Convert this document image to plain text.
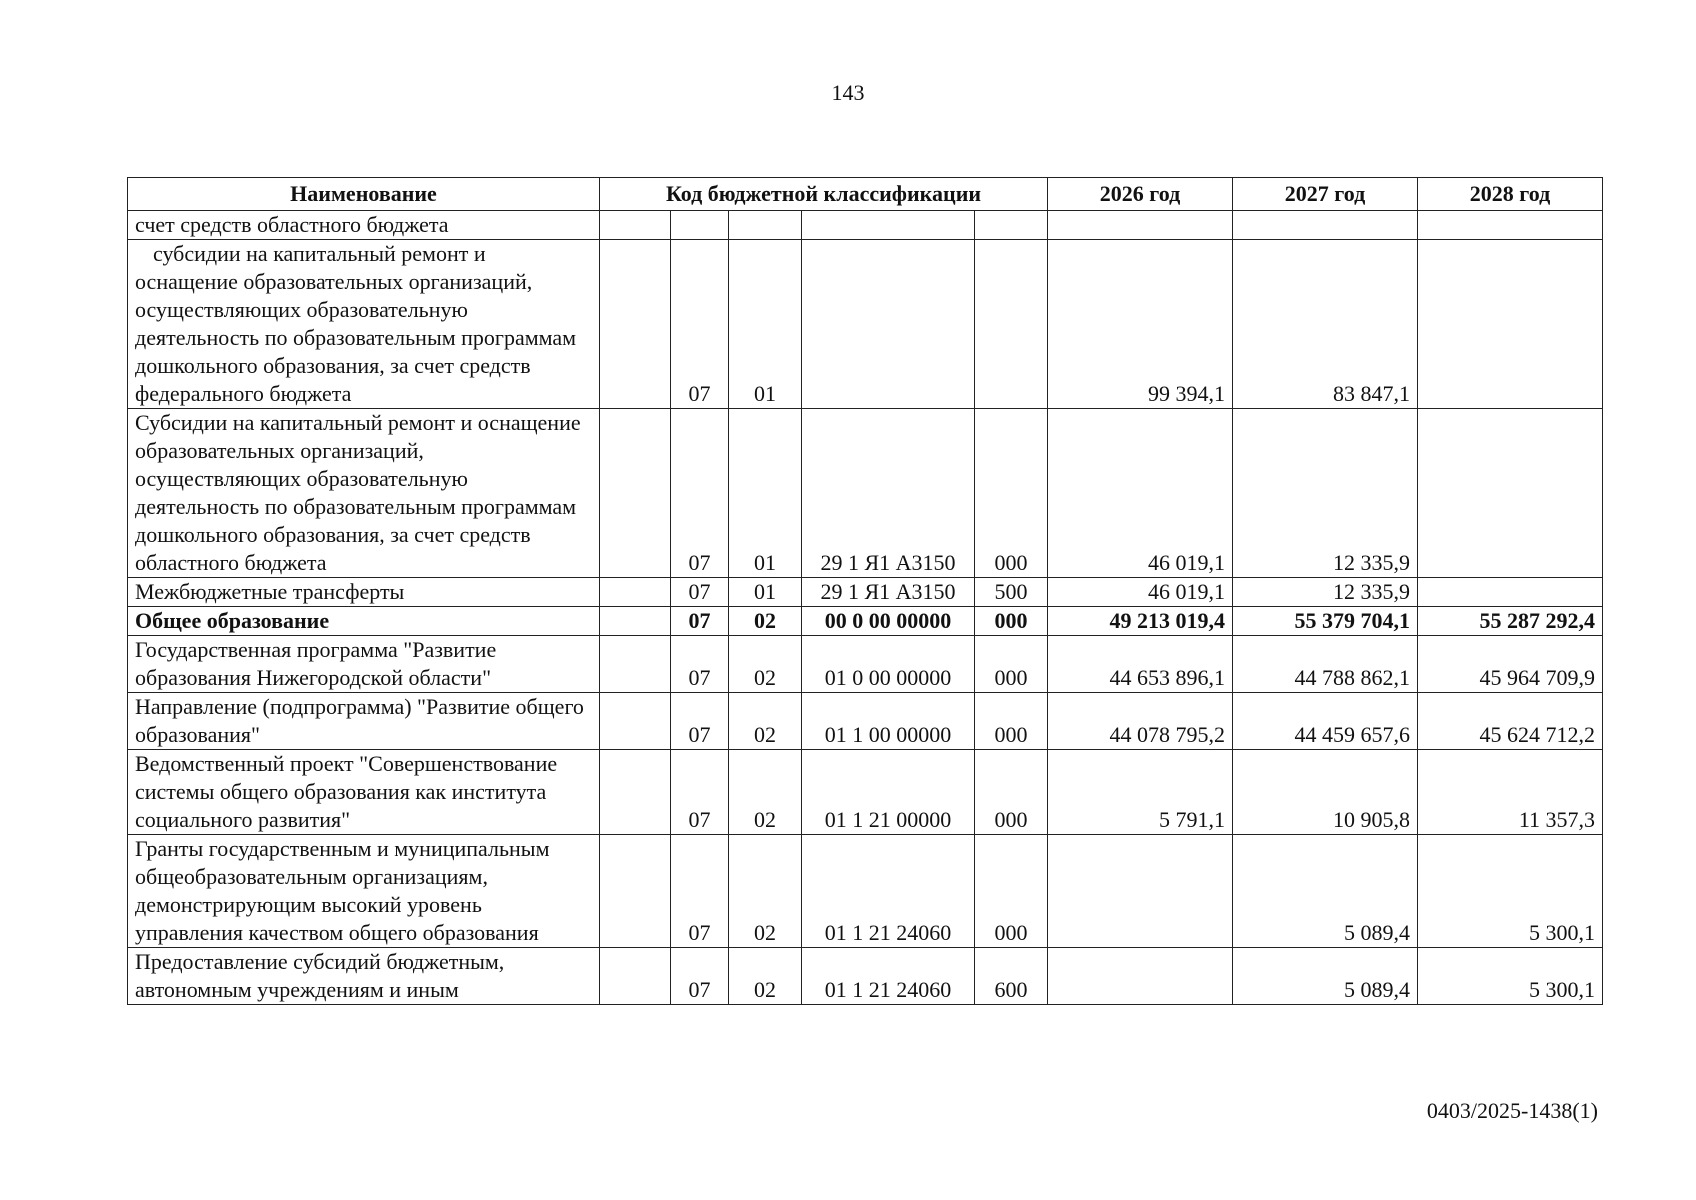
143
Наименование	Код бюджетной классификации					2026 год	2027 год	2028 год
счет средств областного бюджета								
субсидии на капитальный ремонт и оснащение образовательных организаций, осуществляющих образовательную деятельность по образовательным программам дошкольного образования, за счет средств федерального бюджета		07	01			99 394,1	83 847,1	
Субсидии на капитальный ремонт и оснащение образовательных организаций, осуществляющих образовательную деятельность по образовательным программам дошкольного образования, за счет средств областного бюджета		07	01	29 1 Я1 А3150	000	46 019,1	12 335,9	
Межбюджетные трансферты		07	01	29 1 Я1 А3150	500	46 019,1	12 335,9	
Общее образование		07	02	00 0 00 00000	000	49 213 019,4	55 379 704,1	55 287 292,4
Государственная программа "Развитие образования Нижегородской области"		07	02	01 0 00 00000	000	44 653 896,1	44 788 862,1	45 964 709,9
Направление (подпрограмма) "Развитие общего образования"		07	02	01 1 00 00000	000	44 078 795,2	44 459 657,6	45 624 712,2
Ведомственный проект "Совершенствование системы общего образования как института социального развития"		07	02	01 1 21 00000	000	5 791,1	10 905,8	11 357,3
Гранты государственным и муниципальным общеобразовательным организациям, демонстрирующим высокий уровень управления качеством общего образования		07	02	01 1 21 24060	000		5 089,4	5 300,1
Предоставление субсидий бюджетным, автономным учреждениям и иным		07	02	01 1 21 24060	600		5 089,4	5 300,1
0403/2025-1438(1)
